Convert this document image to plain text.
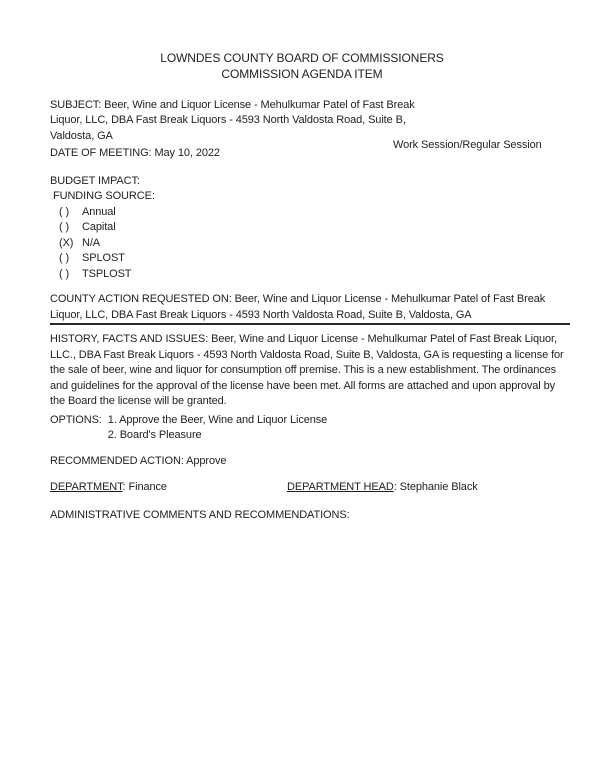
LOWNDES COUNTY BOARD OF COMMISSIONERS
COMMISSION AGENDA ITEM

SUBJECT: Beer, Wine and Liquor License - Mehulkumar Patel of Fast Break Liquor, LLC, DBA Fast Break Liquors - 4593 North Valdosta Road, Suite B, Valdosta, GA

DATE OF MEETING: May 10, 2022
Work Session/Regular Session
BUDGET IMPACT:
FUNDING SOURCE:
( )	Annual
( )	Capital
(X) N/A
( )	SPLOST
( )	TSPLOST

COUNTY ACTION REQUESTED ON: Beer, Wine and Liquor License - Mehulkumar Patel of Fast Break Liquor, LLC, DBA Fast Break Liquors - 4593 North Valdosta Road, Suite B, Valdosta, GA

HISTORY, FACTS AND ISSUES: Beer, Wine and Liquor License - Mehulkumar Patel of Fast Break Liquor, LLC., DBA Fast Break Liquors - 4593 North Valdosta Road, Suite B, Valdosta, GA is requesting a license for the sale of beer, wine and liquor for consumption off premise. This is a new establishment. The ordinances and guidelines for the approval of the license have been met. All forms are attached and upon approval by the Board the license will be granted.

OPTIONS: 1. Approve the Beer, Wine and Liquor License
2. Board's Pleasure
RECOMMENDED ACTION: Approve
DEPARTMENT: Finance	DEPARTMENT HEAD: Stephanie Black
ADMINISTRATIVE COMMENTS AND RECOMMENDATIONS:
